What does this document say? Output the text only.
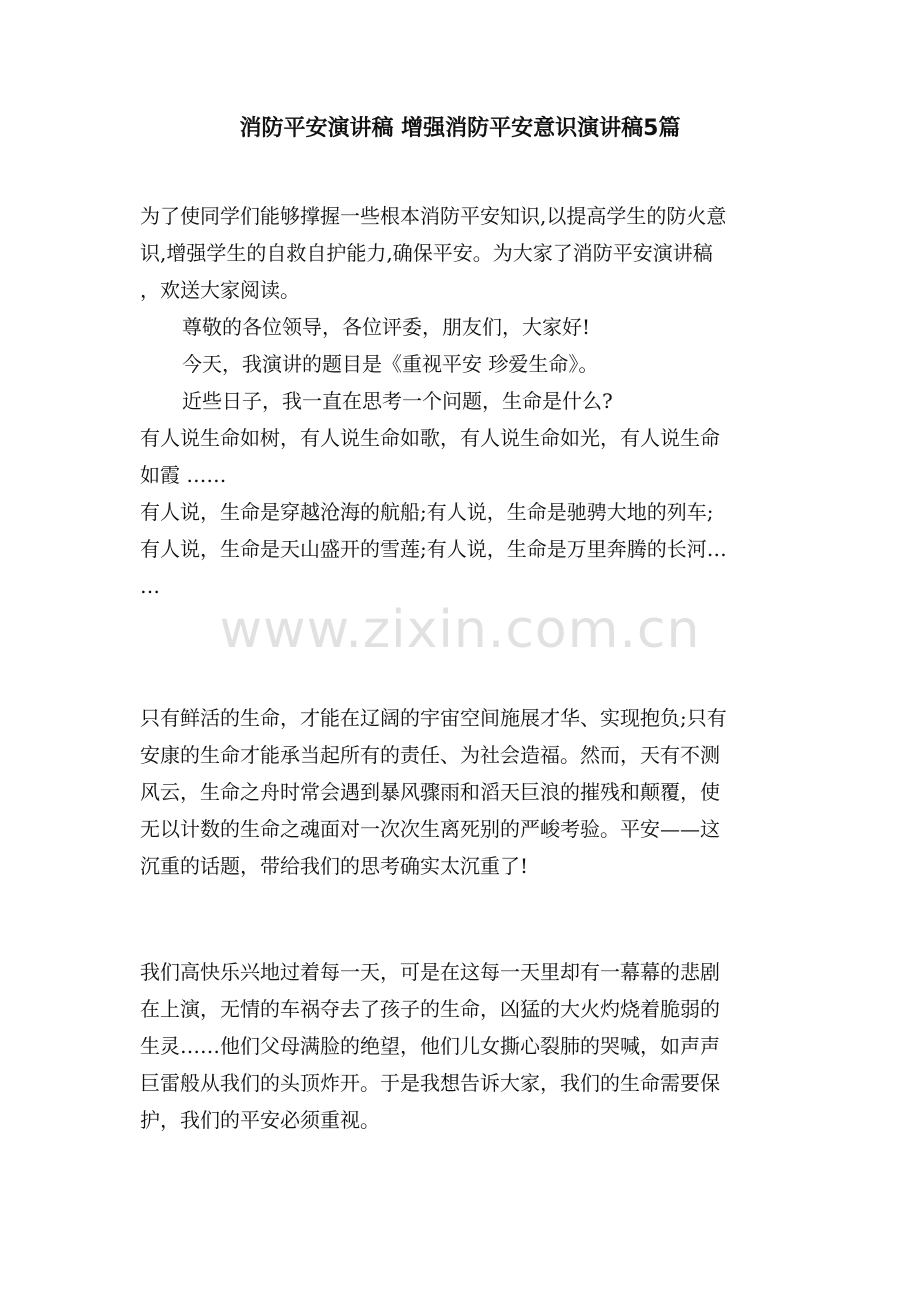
消防平安演讲稿 增强消防平安意识演讲稿5篇
为了使同学们能够撑握一些根本消防平安知识,以提高学生的防火意
识,增强学生的自救自护能力,确保平安。为大家了消防平安演讲稿
，欢送大家阅读。
尊敬的各位领导，各位评委，朋友们，大家好!
今天，我演讲的题目是《重视平安 珍爱生命》。
近些日子，我一直在思考一个问题，生命是什么?
有人说生命如树，有人说生命如歌，有人说生命如光，有人说生命
如霞 ……
有人说，生命是穿越沧海的航船;有人说，生命是驰骋大地的列车;
有人说，生命是天山盛开的雪莲;有人说，生命是万里奔腾的长河…
…
只有鲜活的生命，才能在辽阔的宇宙空间施展才华、实现抱负;只有
安康的生命才能承当起所有的责任、为社会造福。然而，天有不测
风云，生命之舟时常会遇到暴风骤雨和滔天巨浪的摧残和颠覆，使
无以计数的生命之魂面对一次次生离死别的严峻考验。平安——这
沉重的话题，带给我们的思考确实太沉重了!
我们高快乐兴地过着每一天，可是在这每一天里却有一幕幕的悲剧
在上演，无情的车祸夺去了孩子的生命，凶猛的大火灼烧着脆弱的
生灵……他们父母满脸的绝望，他们儿女撕心裂肺的哭喊，如声声
巨雷般从我们的头顶炸开。于是我想告诉大家，我们的生命需要保
护，我们的平安必须重视。
www.zixin.com.cn
